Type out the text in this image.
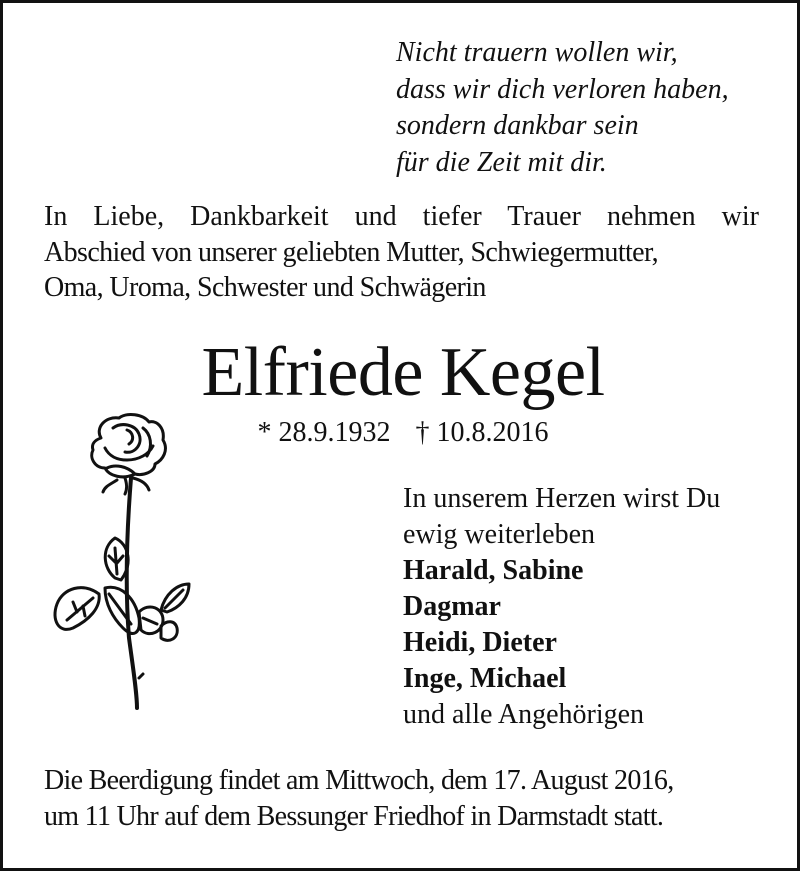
Nicht trauern wollen wir,
dass wir dich verloren haben,
sondern dankbar sein
für die Zeit mit dir.
In Liebe, Dankbarkeit und tiefer Trauer nehmen wir
Abschied von unserer geliebten Mutter, Schwiegermutter,
Oma, Uroma, Schwester und Schwägerin
Elfriede Kegel
* 28.9.1932 † 10.8.2016
In unserem Herzen wirst Du
ewig weiterleben
Harald, Sabine
Dagmar
Heidi, Dieter
Inge, Michael
und alle Angehörigen
Die Beerdigung findet am Mittwoch, dem 17. August 2016,
um 11 Uhr auf dem Bessunger Friedhof in Darmstadt statt.
